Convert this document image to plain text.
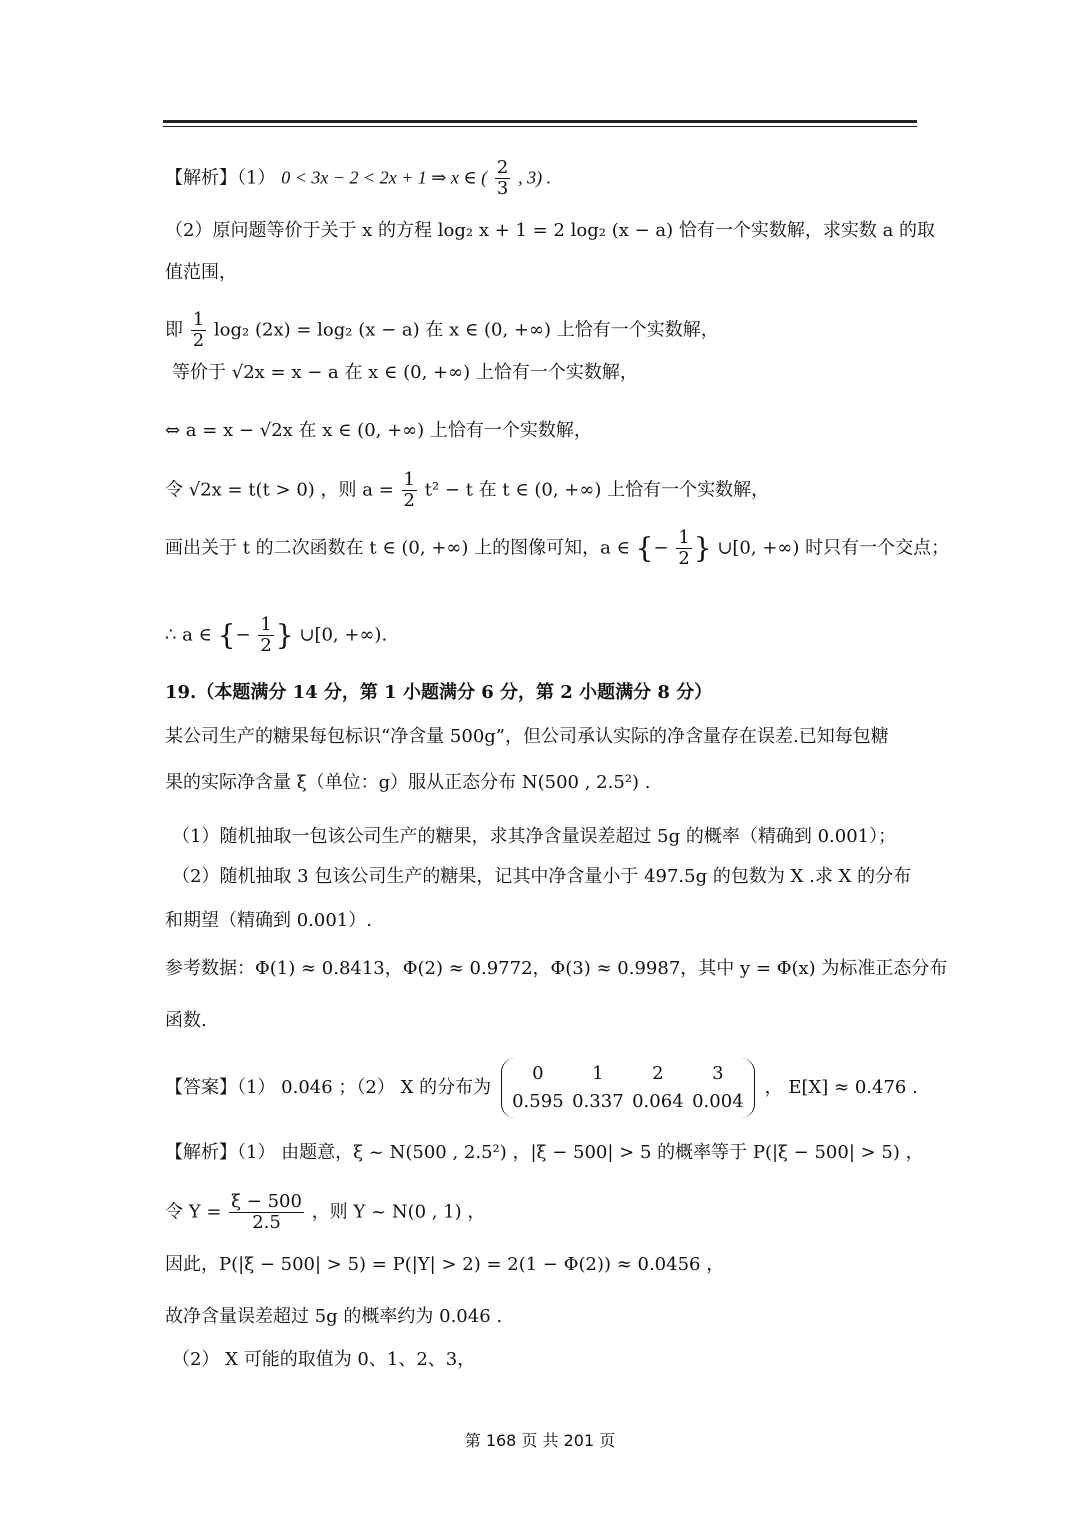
【解析】（1） 0 < 3x − 2 < 2x + 1 ⇒ x ∈ ( $\frac{2}{3}$ , 3) .
（2）原问题等价于关于 x 的方程 log₂ x + 1 = 2 log₂ (x − a) 恰有一个实数解，求实数 a 的取
值范围，
即 $\frac{1}{2} \log_2$ (2x) = log₂ (x − a) 在 x ∈ (0, +∞) 上恰有一个实数解，
等价于 √2x = x − a 在 x ∈ (0, +∞) 上恰有一个实数解，
⇔ a = x − √2x 在 x ∈ (0, +∞) 上恰有一个实数解，
令 √2x = t(t > 0) ，则 $a = \frac{1}{2} t^2 - t$ 在 t ∈ (0, +∞) 上恰有一个实数解，
画出关于 t 的二次函数在 t ∈ (0, +∞) 上的图像可知，a ∈ {− $\frac{1}{2}$ } ∪[0, +∞) 时只有一个交点；
∴ a ∈ {− $\frac{1}{2}$ } ∪[0, +∞).
19.（本题满分 14 分，第 1 小题满分 6 分，第 2 小题满分 8 分）
某公司生产的糖果每包标识“净含量 500g”，但公司承认实际的净含量存在误差.已知每包糖
果的实际净含量 ξ（单位：g）服从正态分布 N(500 , 2.5²) .
（1）随机抽取一包该公司生产的糖果，求其净含量误差超过 5g 的概率（精确到 0.001）；
（2）随机抽取 3 包该公司生产的糖果，记其中净含量小于 497.5g 的包数为 X .求 X 的分布
和期望（精确到 0.001）.
参考数据：Φ(1) ≈ 0.8413，Φ(2) ≈ 0.9772，Φ(3) ≈ 0.9987，其中 y = Φ(x) 为标准正态分布
函数.
【答案】（1） 0.046 ；（2） X 的分布为
0	1	2	3
0.595 0.337 0.064 0.004
， E[X] ≈ 0.476 .
【解析】（1） 由题意，ξ ~ N(500 , 2.5²) ，|ξ − 500| > 5 的概率等于 P(|ξ − 500| > 5) ，
令 $Y = \frac{\xi - 500}{2.5}$ ，则 Y ~ N(0 , 1) ，
因此，P(|ξ − 500| > 5) = P(|Y| > 2) = 2(1 − Φ(2)) ≈ 0.0456 ，
故净含量误差超过 5g 的概率约为 0.046 .
（2） X 可能的取值为 0、1、2、3，
第 168 页 共 201 页
